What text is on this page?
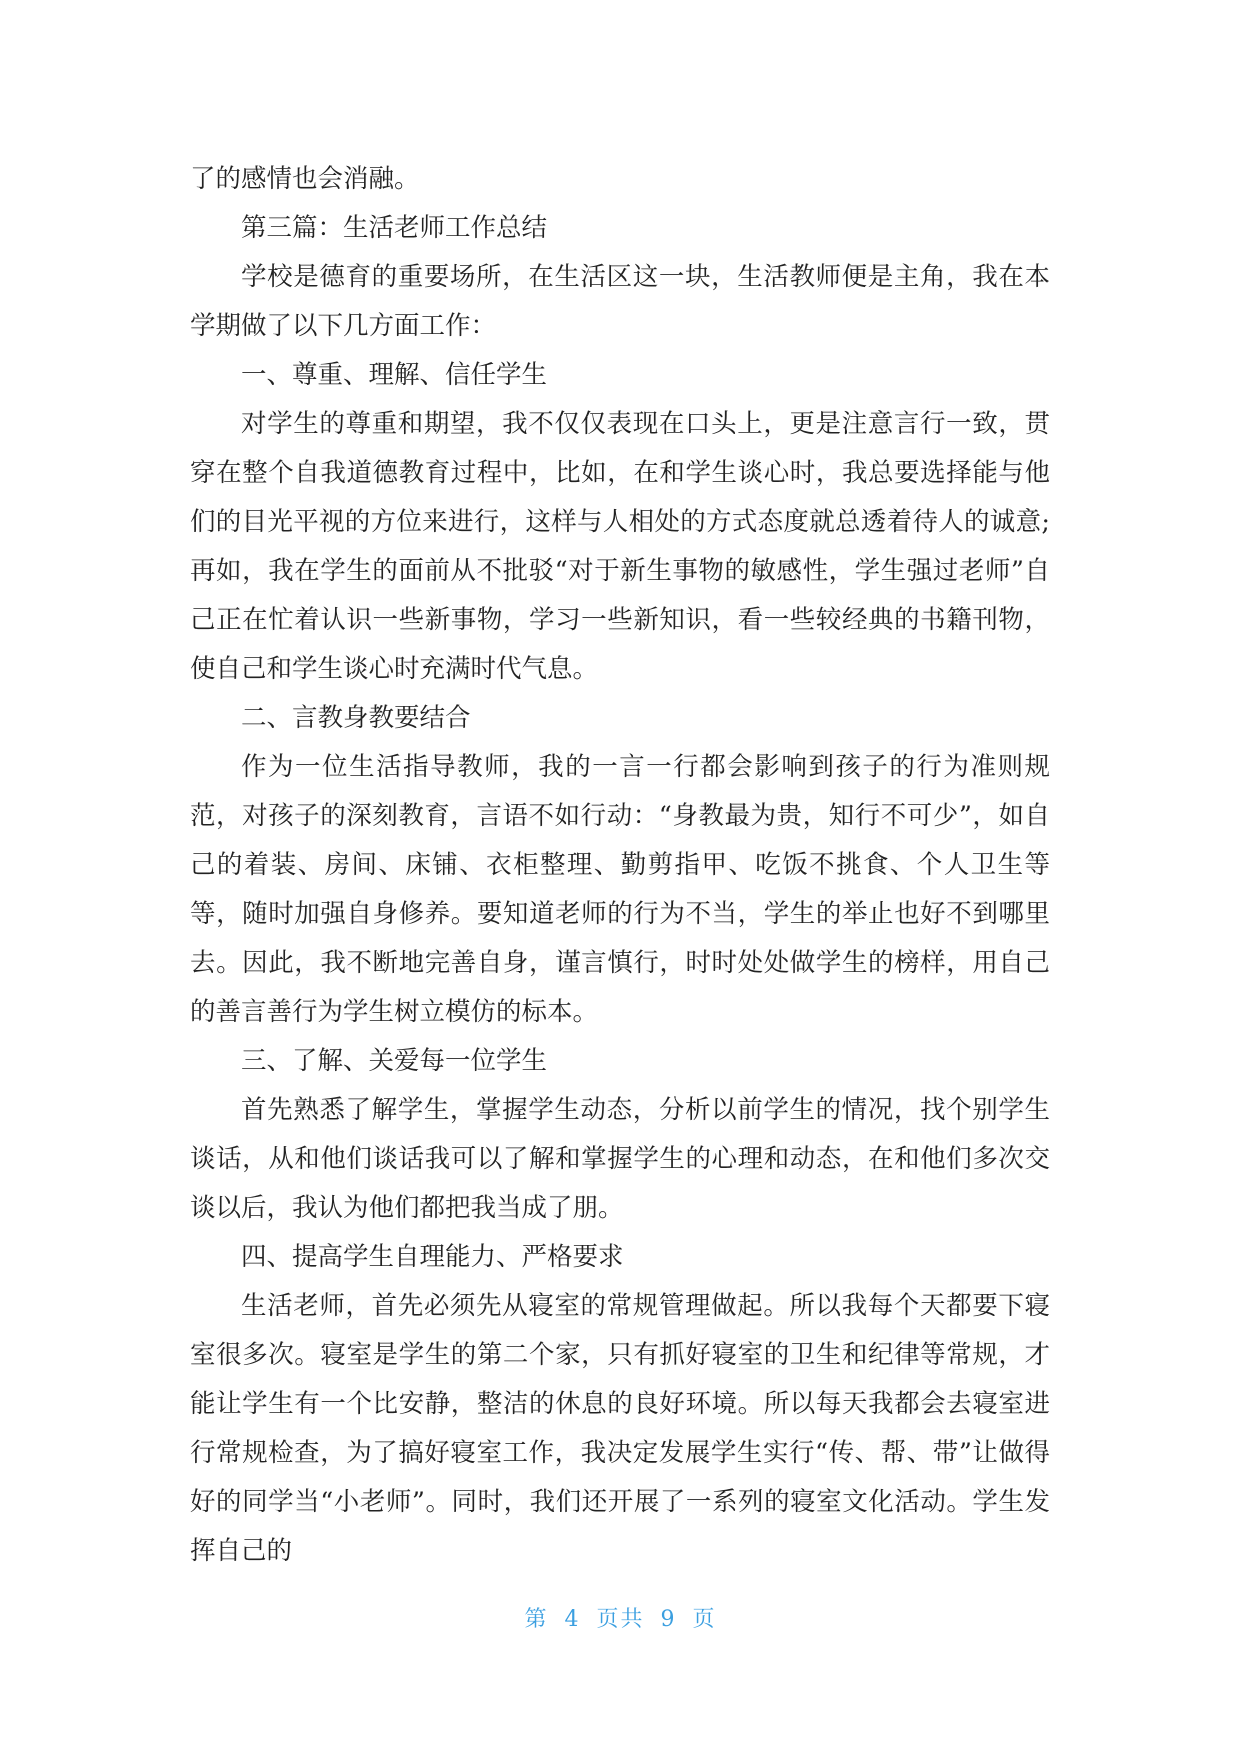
了的感情也会消融。

第三篇：生活老师工作总结

学校是德育的重要场所，在生活区这一块，生活教师便是主角，我在本学期做了以下几方面工作：

一、尊重、理解、信任学生

对学生的尊重和期望，我不仅仅表现在口头上，更是注意言行一致，贯穿在整个自我道德教育过程中，比如，在和学生谈心时，我总要选择能与他们的目光平视的方位来进行，这样与人相处的方式态度就总透着待人的诚意;再如，我在学生的面前从不批驳“对于新生事物的敏感性，学生强过老师”自己正在忙着认识一些新事物，学习一些新知识，看一些较经典的书籍刊物，使自己和学生谈心时充满时代气息。

二、言教身教要结合

作为一位生活指导教师，我的一言一行都会影响到孩子的行为准则规范，对孩子的深刻教育，言语不如行动：“身教最为贵，知行不可少”，如自己的着装、房间、床铺、衣柜整理、勤剪指甲、吃饭不挑食、个人卫生等等，随时加强自身修养。要知道老师的行为不当，学生的举止也好不到哪里去。因此，我不断地完善自身，谨言慎行，时时处处做学生的榜样，用自己的善言善行为学生树立模仿的标本。

三、了解、关爱每一位学生

首先熟悉了解学生，掌握学生动态，分析以前学生的情况，找个别学生谈话，从和他们谈话我可以了解和掌握学生的心理和动态，在和他们多次交谈以后，我认为他们都把我当成了朋。

四、提高学生自理能力、严格要求

生活老师，首先必须先从寝室的常规管理做起。所以我每个天都要下寝室很多次。寝室是学生的第二个家，只有抓好寝室的卫生和纪律等常规，才能让学生有一个比安静，整洁的休息的良好环境。所以每天我都会去寝室进行常规检查，为了搞好寝室工作，我决定发展学生实行“传、帮、带”让做得好的同学当“小老师”。同时，我们还开展了一系列的寝室文化活动。学生发挥自己的

第 4 页共 9 页
